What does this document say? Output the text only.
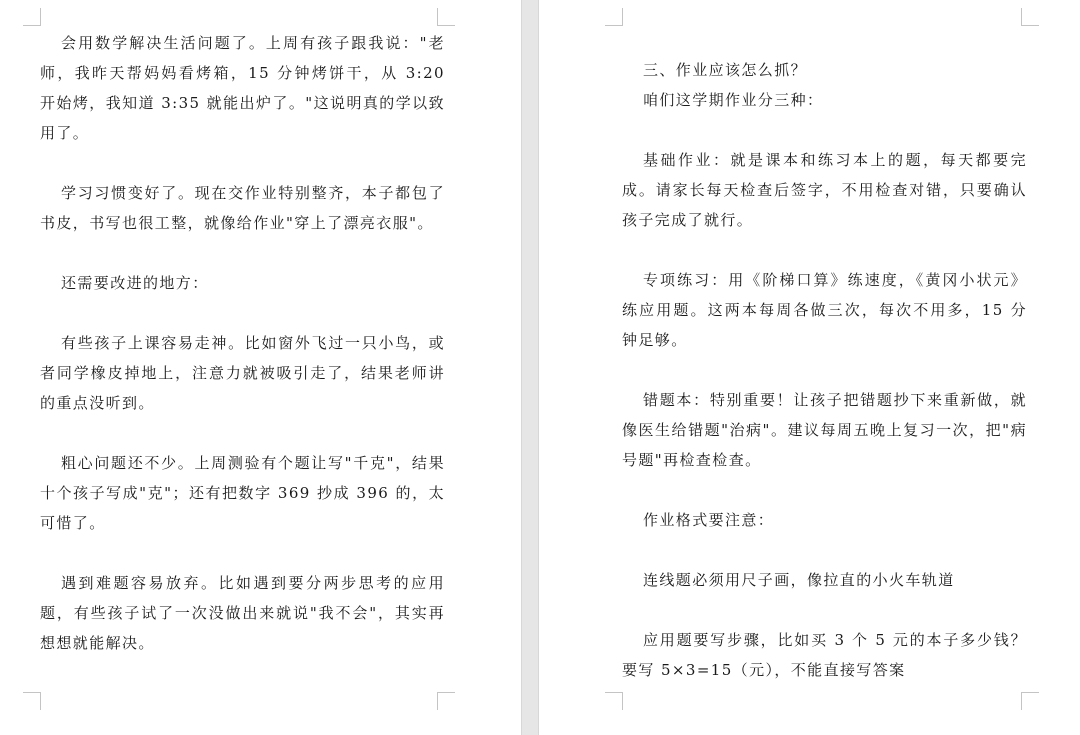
会用数学解决生活问题了。上周有孩子跟我说："老师，我昨天帮妈妈看烤箱，15 分钟烤饼干，从 3:20 开始烤，我知道 3:35 就能出炉了。"这说明真的学以致用了。

学习习惯变好了。现在交作业特别整齐，本子都包了书皮，书写也很工整，就像给作业"穿上了漂亮衣服"。

还需要改进的地方：

有些孩子上课容易走神。比如窗外飞过一只小鸟，或者同学橡皮掉地上，注意力就被吸引走了，结果老师讲的重点没听到。

粗心问题还不少。上周测验有个题让写"千克"，结果十个孩子写成"克"；还有把数字 369 抄成 396 的，太可惜了。

遇到难题容易放弃。比如遇到要分两步思考的应用题，有些孩子试了一次没做出来就说"我不会"，其实再想想就能解决。

三、作业应该怎么抓？

咱们这学期作业分三种：

基础作业：就是课本和练习本上的题，每天都要完成。请家长每天检查后签字，不用检查对错，只要确认孩子完成了就行。

专项练习：用《阶梯口算》练速度，《黄冈小状元》练应用题。这两本每周各做三次，每次不用多，15 分钟足够。

错题本：特别重要！让孩子把错题抄下来重新做，就像医生给错题"治病"。建议每周五晚上复习一次，把"病号题"再检查检查。

作业格式要注意：

连线题必须用尺子画，像拉直的小火车轨道

应用题要写步骤，比如买 3 个 5 元的本子多少钱？要写 5×3=15（元），不能直接写答案
